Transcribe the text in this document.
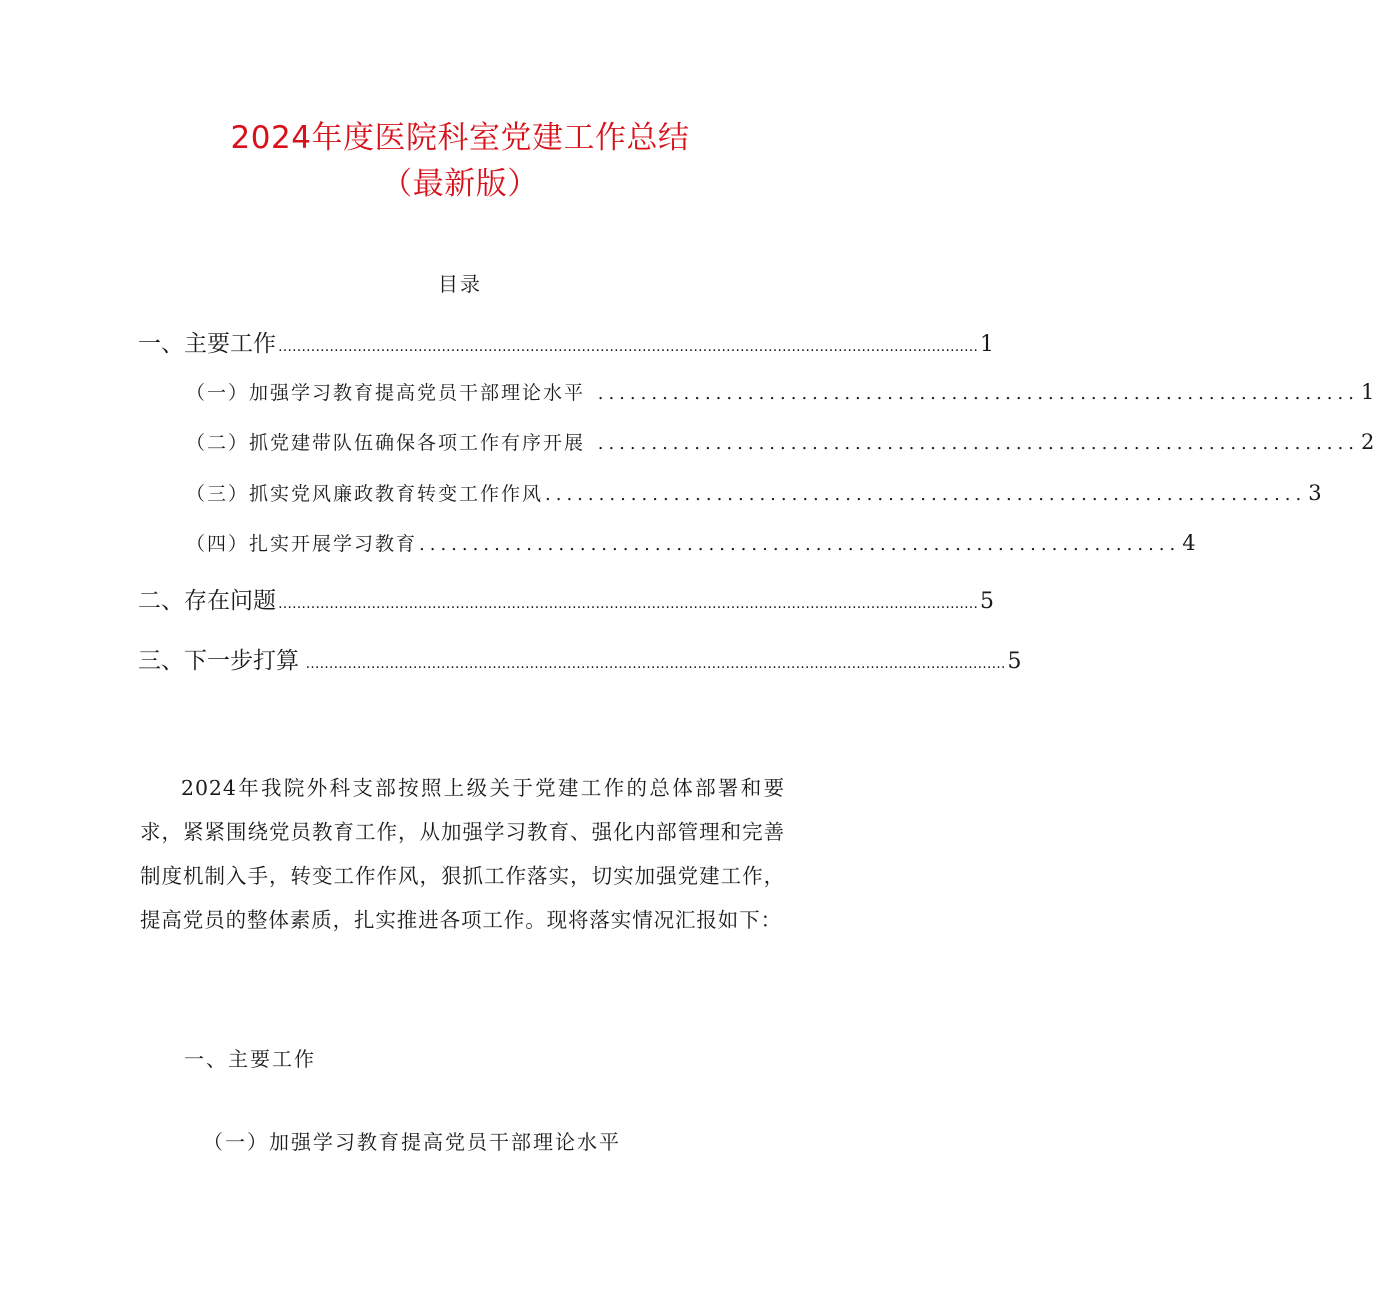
2024年度医院科室党建工作总结
（最新版）
目录
一、主要工作 …………………………………………………………………………………………………………………………………… 1
（一）加强学习教育提高党员干部理论水平 ....................................................................... 1
（二）抓党建带队伍确保各项工作有序开展 ....................................................................... 2
（三）抓实党风廉政教育转变工作作风 ....................................................................... 3
（四）扎实开展学习教育 ....................................................................... 4
二、存在问题 …………………………………………………………………………………………………………………………………… 5
三、下一步打算 …………………………………………………………………………………………………………………………………… 5
2024年我院外科支部按照上级关于党建工作的总体部署和要求，紧紧围绕党员教育工作，从加强学习教育、强化内部管理和完善制度机制入手，转变工作作风，狠抓工作落实，切实加强党建工作，提高党员的整体素质，扎实推进各项工作。现将落实情况汇报如下：
一、主要工作
（一）加强学习教育提高党员干部理论水平
